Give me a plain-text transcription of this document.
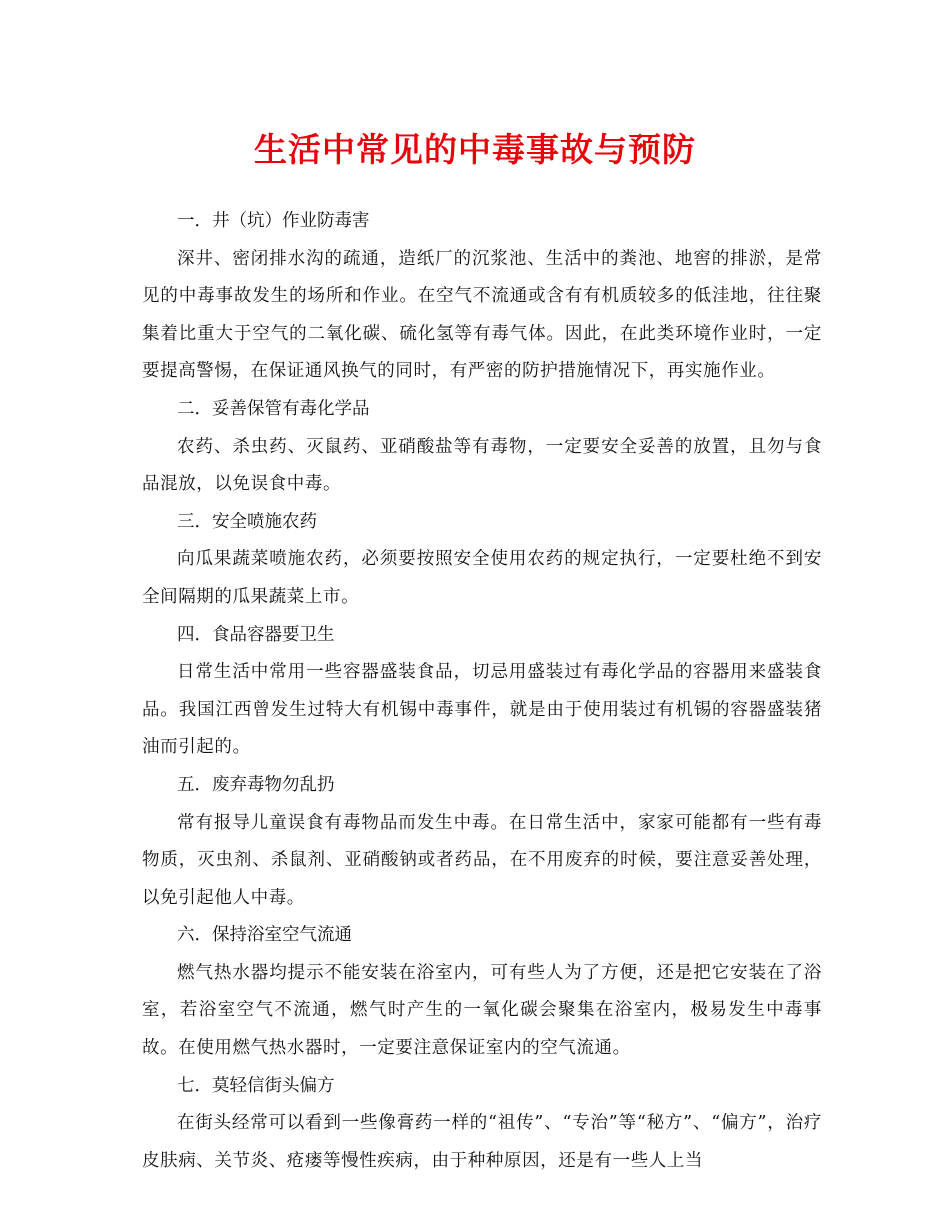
生活中常见的中毒事故与预防

一．井（坑）作业防毒害

深井、密闭排水沟的疏通，造纸厂的沉浆池、生活中的粪池、地窖的排淤，是常见的中毒事故发生的场所和作业。在空气不流通或含有有机质较多的低洼地，往往聚集着比重大于空气的二氧化碳、硫化氢等有毒气体。因此，在此类环境作业时，一定要提高警惕，在保证通风换气的同时，有严密的防护措施情况下，再实施作业。

二．妥善保管有毒化学品

农药、杀虫药、灭鼠药、亚硝酸盐等有毒物，一定要安全妥善的放置，且勿与食品混放，以免误食中毒。

三．安全喷施农药

向瓜果蔬菜喷施农药，必须要按照安全使用农药的规定执行，一定要杜绝不到安全间隔期的瓜果蔬菜上市。

四．食品容器要卫生

日常生活中常用一些容器盛装食品，切忌用盛装过有毒化学品的容器用来盛装食品。我国江西曾发生过特大有机锡中毒事件，就是由于使用装过有机锡的容器盛装猪油而引起的。

五．废弃毒物勿乱扔

常有报导儿童误食有毒物品而发生中毒。在日常生活中，家家可能都有一些有毒物质，灭虫剂、杀鼠剂、亚硝酸钠或者药品，在不用废弃的时候，要注意妥善处理，以免引起他人中毒。

六．保持浴室空气流通

燃气热水器均提示不能安装在浴室内，可有些人为了方便，还是把它安装在了浴室，若浴室空气不流通，燃气时产生的一氧化碳会聚集在浴室内，极易发生中毒事故。在使用燃气热水器时，一定要注意保证室内的空气流通。

七．莫轻信街头偏方

在街头经常可以看到一些像膏药一样的“祖传”、“专治”等“秘方”、“偏方”，治疗皮肤病、关节炎、疮瘘等慢性疾病，由于种种原因，还是有一些人上当
